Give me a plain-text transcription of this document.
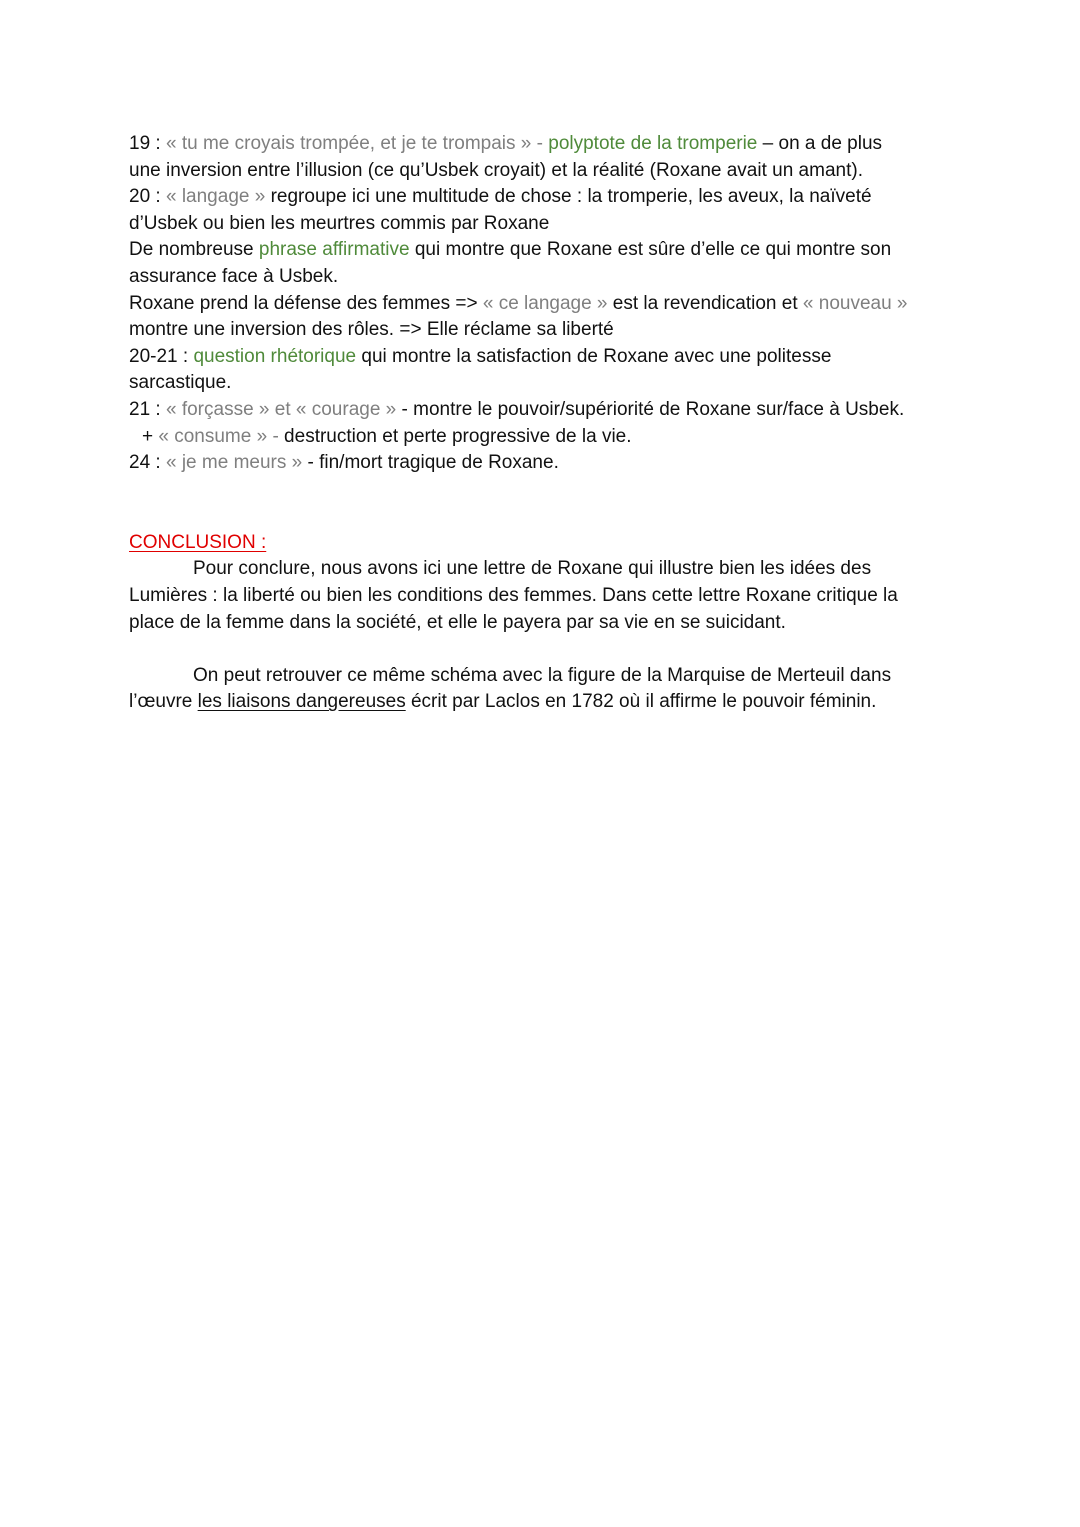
19 : « tu me croyais trompée, et je te trompais » - polyptote de la tromperie – on a de plus
une inversion entre l’illusion (ce qu’Usbek croyait) et la réalité (Roxane avait un amant).
20 : « langage » regroupe ici une multitude de chose : la tromperie, les aveux, la naïveté
d’Usbek ou bien les meurtres commis par Roxane
De nombreuse phrase affirmative qui montre que Roxane est sûre d’elle ce qui montre son
assurance face à Usbek.
Roxane prend la défense des femmes => « ce langage » est la revendication et « nouveau »
montre une inversion des rôles. => Elle réclame sa liberté
20-21 : question rhétorique qui montre la satisfaction de Roxane avec une politesse
sarcastique.
21 : « forçasse » et « courage » - montre le pouvoir/supériorité de Roxane sur/face à Usbek.
+ « consume » - destruction et perte progressive de la vie.
24 : « je me meurs » - fin/mort tragique de Roxane.
CONCLUSION :
Pour conclure, nous avons ici une lettre de Roxane qui illustre bien les idées des
Lumières : la liberté ou bien les conditions des femmes. Dans cette lettre Roxane critique la
place de la femme dans la société, et elle le payera par sa vie en se suicidant.
On peut retrouver ce même schéma avec la figure de la Marquise de Merteuil dans
l’œuvre les liaisons dangereuses écrit par Laclos en 1782 où il affirme le pouvoir féminin.
